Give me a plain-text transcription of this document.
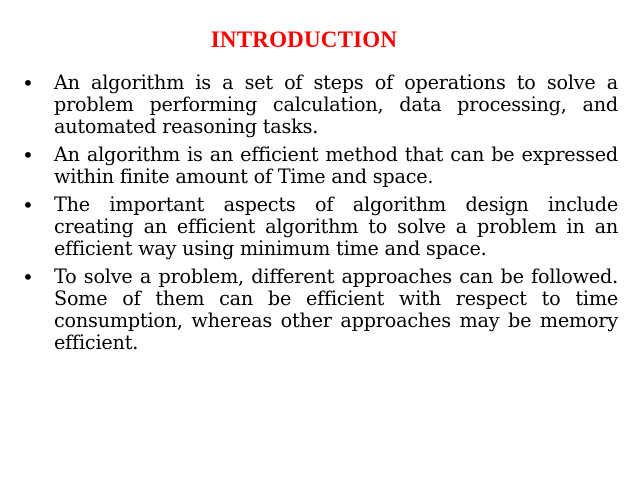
INTRODUCTION
• An algorithm is a set of steps of operations to solve a problem performing calculation, data processing, and automated reasoning tasks.
• An algorithm is an efficient method that can be expressed within finite amount of Time and space.
• The important aspects of algorithm design include creating an efficient algorithm to solve a problem in an efficient way using minimum time and space.
• To solve a problem, different approaches can be followed. Some of them can be efficient with respect to time consumption, whereas other approaches may be memory efficient.
